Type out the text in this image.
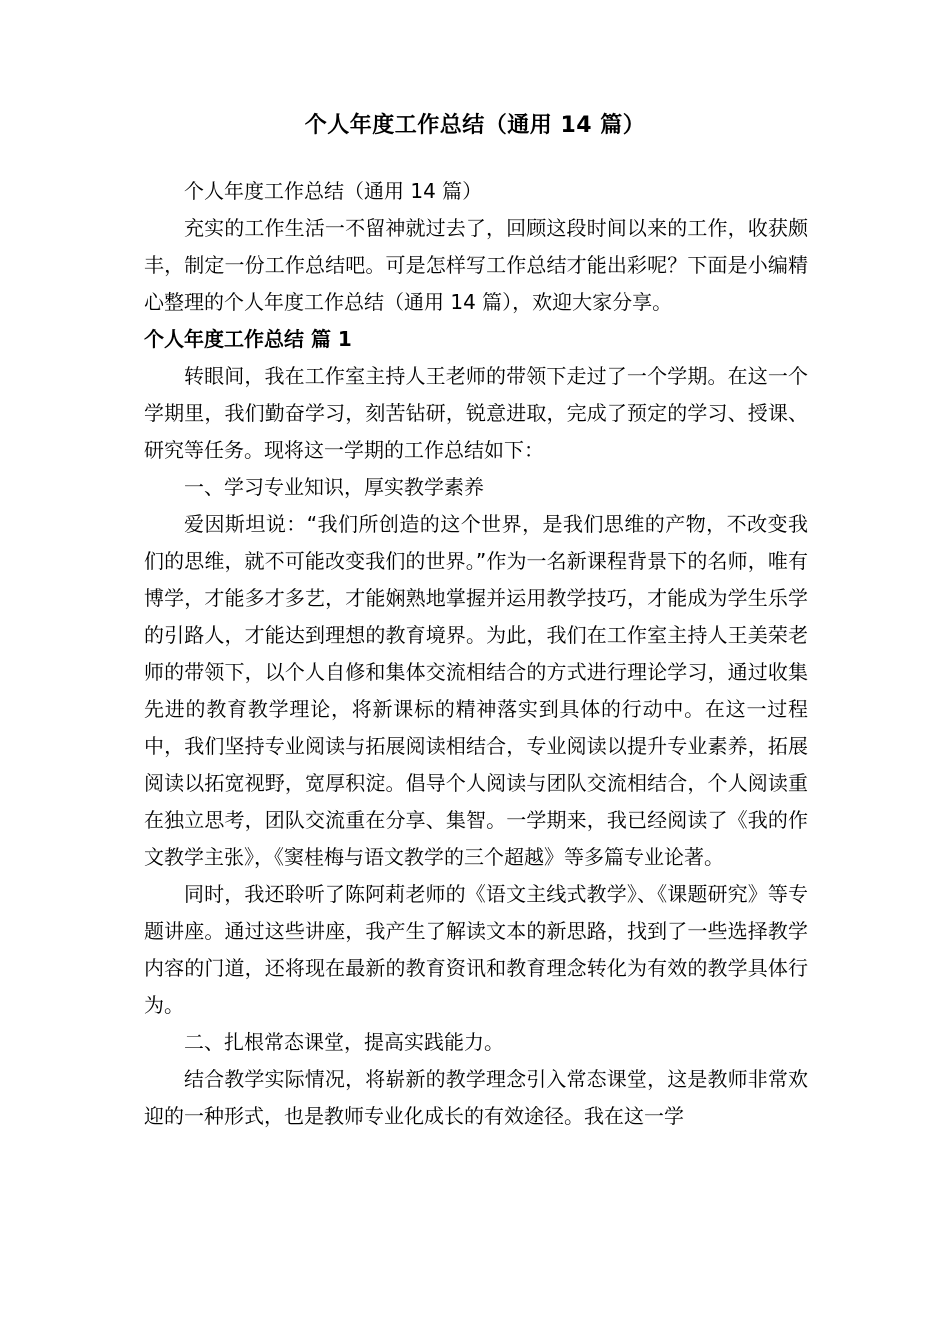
个人年度工作总结（通用 14 篇）

个人年度工作总结（通用 14 篇）

充实的工作生活一不留神就过去了，回顾这段时间以来的工作，收获颇丰，制定一份工作总结吧。可是怎样写工作总结才能出彩呢？下面是小编精心整理的个人年度工作总结（通用 14 篇），欢迎大家分享。

个人年度工作总结 篇 1

转眼间，我在工作室主持人王老师的带领下走过了一个学期。在这一个学期里，我们勤奋学习，刻苦钻研，锐意进取，完成了预定的学习、授课、研究等任务。现将这一学期的工作总结如下：

一、学习专业知识，厚实教学素养

爱因斯坦说：“我们所创造的这个世界，是我们思维的产物，不改变我们的思维，就不可能改变我们的世界。”作为一名新课程背景下的名师，唯有博学，才能多才多艺，才能娴熟地掌握并运用教学技巧，才能成为学生乐学的引路人，才能达到理想的教育境界。为此，我们在工作室主持人王美荣老师的带领下，以个人自修和集体交流相结合的方式进行理论学习，通过收集先进的教育教学理论，将新课标的精神落实到具体的行动中。在这一过程中，我们坚持专业阅读与拓展阅读相结合，专业阅读以提升专业素养，拓展阅读以拓宽视野，宽厚积淀。倡导个人阅读与团队交流相结合，个人阅读重在独立思考，团队交流重在分享、集智。一学期来，我已经阅读了《我的作文教学主张》，《窦桂梅与语文教学的三个超越》等多篇专业论著。

同时，我还聆听了陈阿莉老师的《语文主线式教学》、《课题研究》等专题讲座。通过这些讲座，我产生了解读文本的新思路，找到了一些选择教学内容的门道，还将现在最新的教育资讯和教育理念转化为有效的教学具体行为。

二、扎根常态课堂，提高实践能力。

结合教学实际情况，将崭新的教学理念引入常态课堂，这是教师非常欢迎的一种形式，也是教师专业化成长的有效途径。我在这一学
